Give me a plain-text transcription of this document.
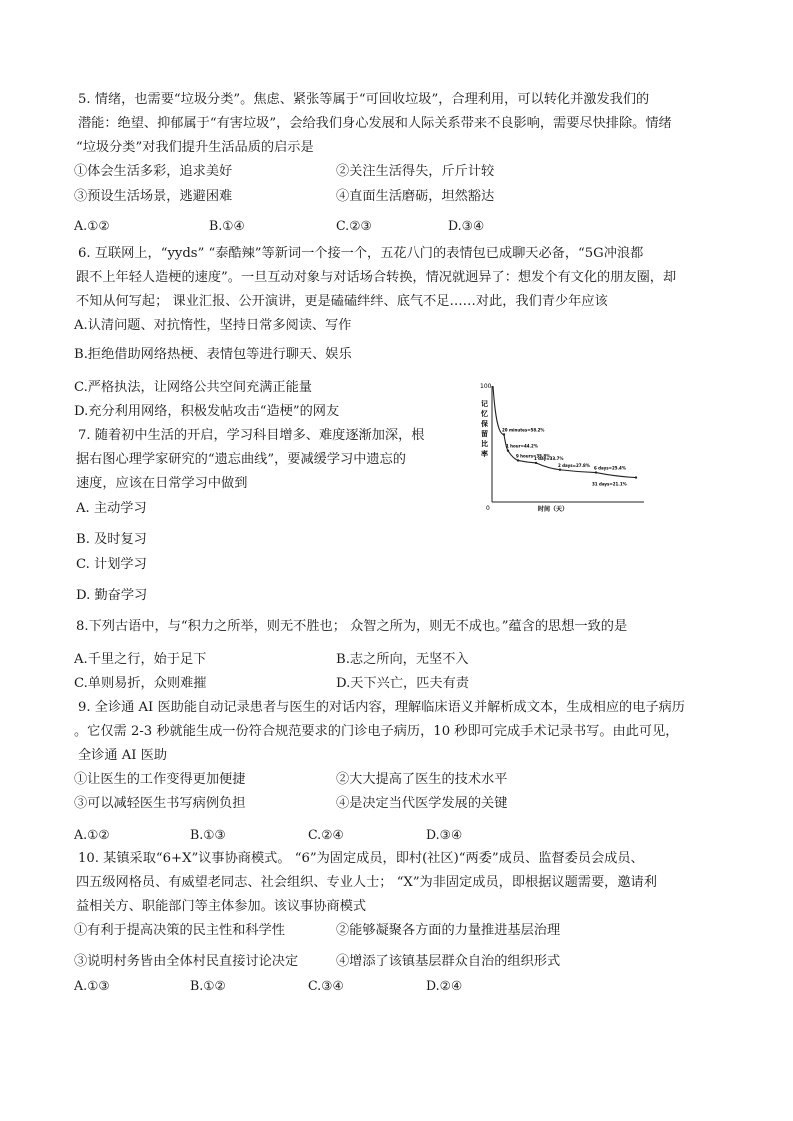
5. 情绪，也需要“垃圾分类”。焦虑、紧张等属于“可回收垃圾”，合理利用，可以转化并激发我们的
潜能：绝望、抑郁属于“有害垃圾”，会给我们身心发展和人际关系带来不良影响，需要尽快排除。情绪
“垃圾分类”对我们提升生活品质的启示是
①体会生活多彩，追求美好	②关注生活得失，斤斤计较
③预设生活场景，逃避困难	④直面生活磨砺，坦然豁达
A.①②	B.①④	C.②③	D.③④
6. 互联网上，“yyds” “泰酷辣”等新词一个接一个，五花八门的表情包已成聊天必备，“5G冲浪都
跟不上年轻人造梗的速度”。一旦互动对象与对话场合转换，情况就迥异了：想发个有文化的朋友圈，却
不知从何写起； 课业汇报、公开演讲，更是磕磕绊绊、底气不足……对此，我们青少年应该
A.认清问题、对抗惰性，坚持日常多阅读、写作
B.拒绝借助网络热梗、表情包等进行聊天、娱乐
C.严格执法，让网络公共空间充满正能量
D.充分利用网络，积极发帖攻击“造梗”的网友
7. 随着初中生活的开启，学习科目增多、难度逐渐加深，根
据右图心理学家研究的“遗忘曲线”，要减缓学习中遗忘的
速度，应该在日常学习中做到
A. 主动学习
B. 及时复习
C. 计划学习
D. 勤奋学习
100
0
记忆保留比率
时间（天）
20 minutes=58.2%
1 hour=44.2%
9 hours=35.8%
1 day=33.7%
2 days=27.8%
6 days=25.4%
31 days=21.1%
8.下列古语中，与“积力之所举，则无不胜也； 众智之所为，则无不成也。”蕴含的思想一致的是
A.千里之行，始于足下	B.志之所向，无坚不入
C.单则易折，众则难摧	D.天下兴亡，匹夫有责
9. 全诊通 AI 医助能自动记录患者与医生的对话内容，理解临床语义并解析成文本，生成相应的电子病历
。它仅需 2-3 秒就能生成一份符合规范要求的门诊电子病历，10 秒即可完成手术记录书写。由此可见，
全诊通 AI 医助
①让医生的工作变得更加便捷	②大大提高了医生的技术水平
③可以减轻医生书写病例负担	④是决定当代医学发展的关键
A.①②	B.①③	C.②④	D.③④
10. 某镇采取“6+X”议事协商模式。 “6”为固定成员，即村(社区)“两委”成员、监督委员会成员、
四五级网格员、有威望老同志、社会组织、专业人士； “X”为非固定成员，即根据议题需要，邀请利
益相关方、职能部门等主体参加。该议事协商模式
①有利于提高决策的民主性和科学性	②能够凝聚各方面的力量推进基层治理
③说明村务皆由全体村民直接讨论决定	④增添了该镇基层群众自治的组织形式
A.①③	B.①②	C.③④	D.②④
